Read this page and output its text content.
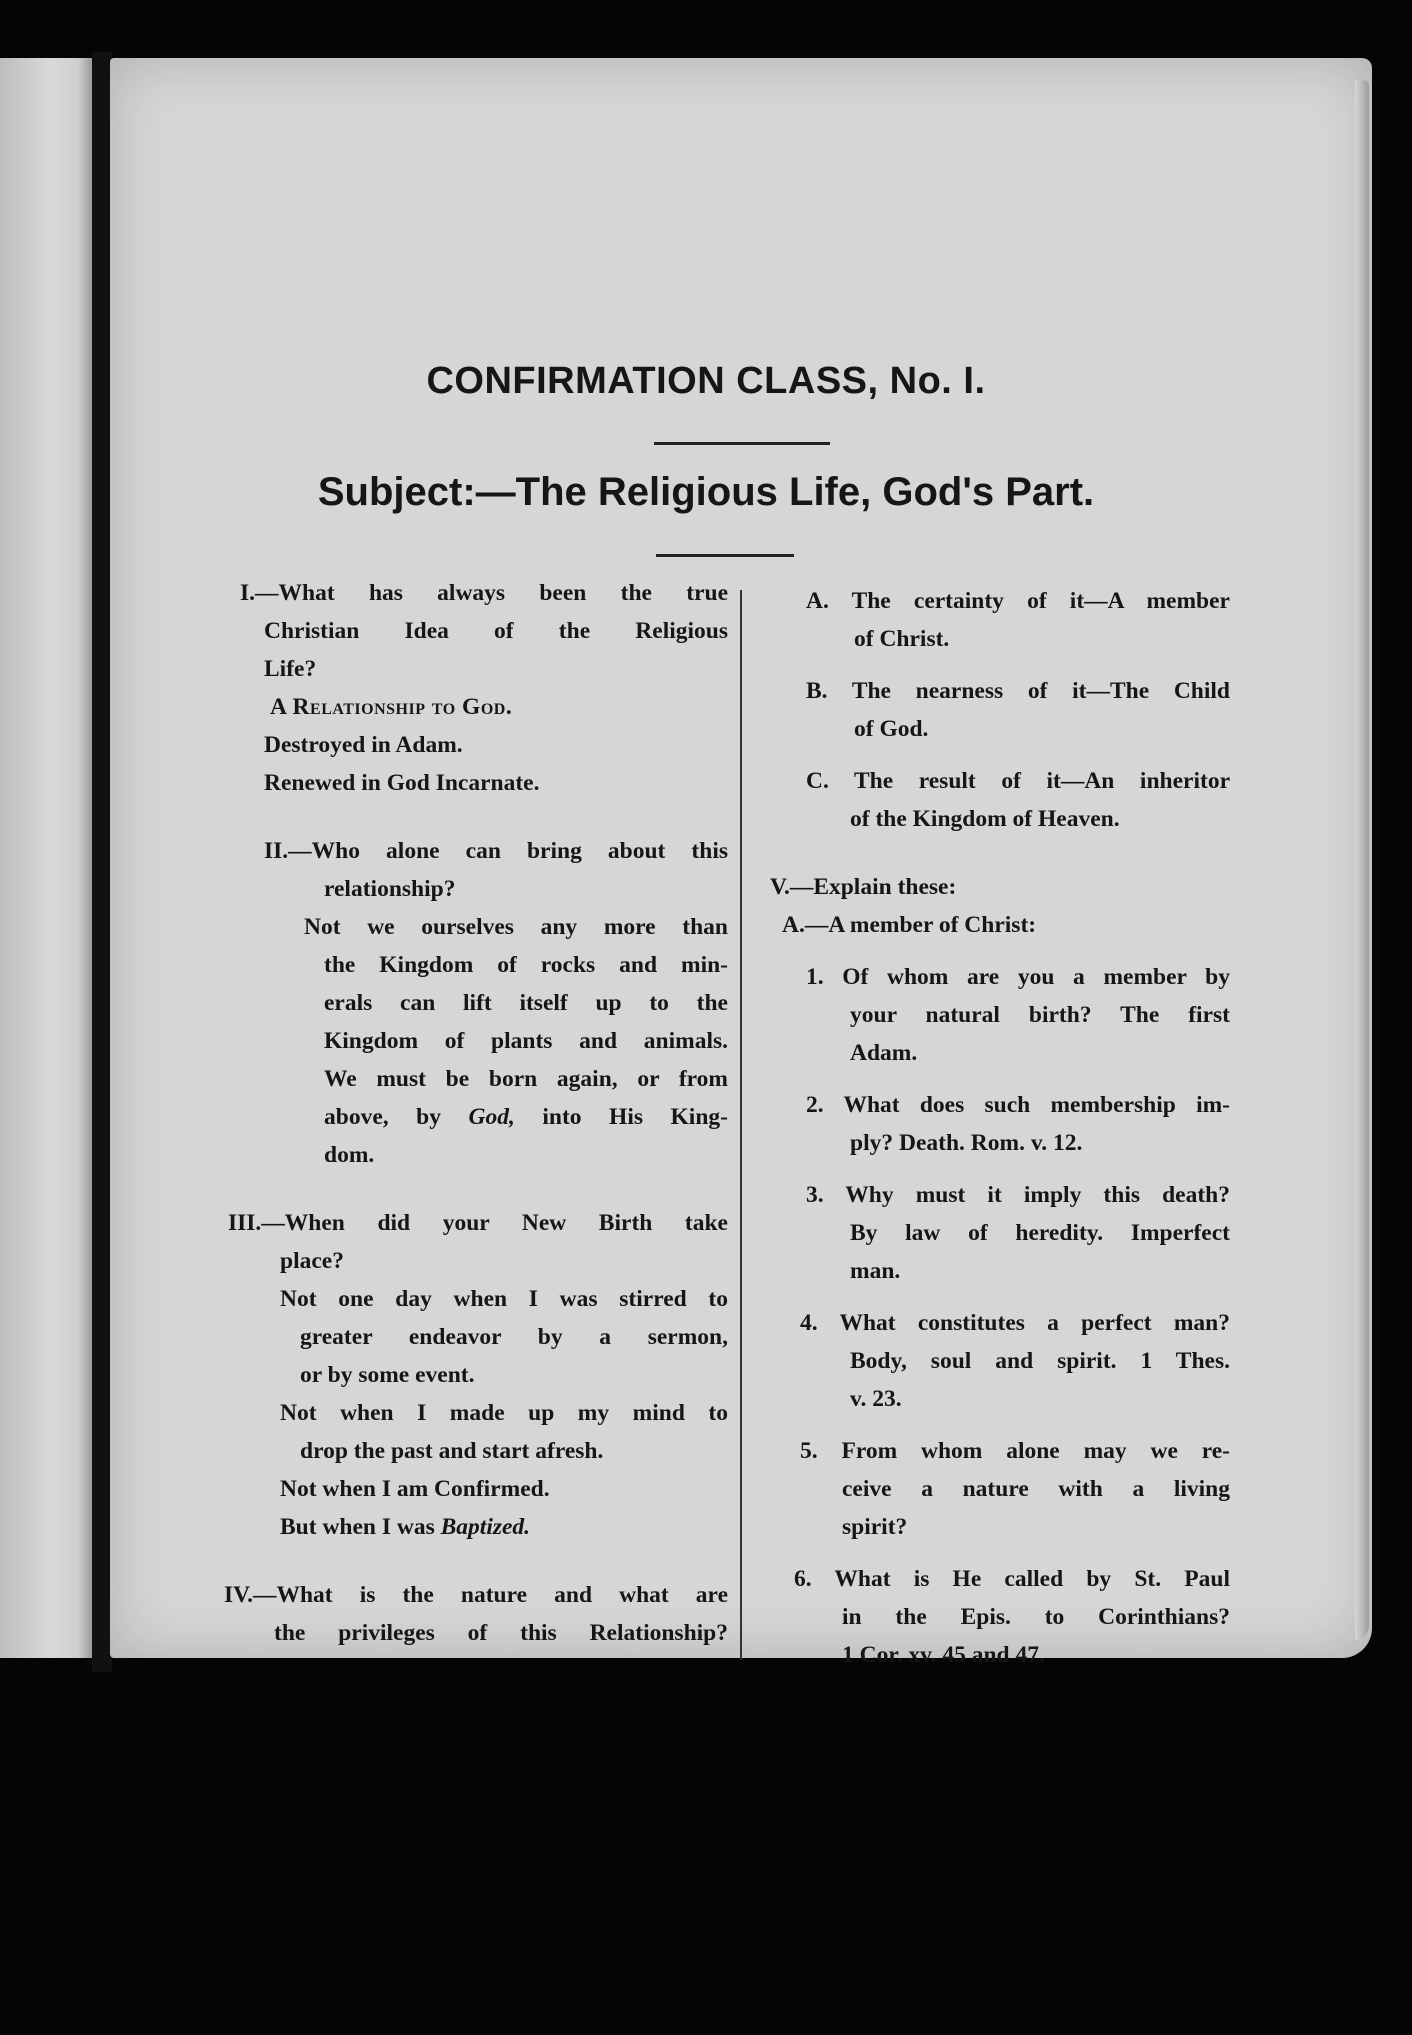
CONFIRMATION CLASS, No. I.
Subject:—The Religious Life, God's Part.
I.—What has always been the true
Christian Idea of the Religious
Life?
A Relationship to God.
Destroyed in Adam.
Renewed in God Incarnate.
II.—Who alone can bring about this
relationship?
Not we ourselves any more than
the Kingdom of rocks and min-
erals can lift itself up to the
Kingdom of plants and animals.
We must be born again, or from
above, by God, into His King-
dom.
III.—When did your New Birth take
place?
Not one day when I was stirred to
greater endeavor by a sermon,
or by some event.
Not when I made up my mind to
drop the past and start afresh.
Not when I am Confirmed.
But when I was Baptized.
IV.—What is the nature and what are
the privileges of this Relationship?
A. The certainty of it—A member
of Christ.
B. The nearness of it—The Child
of God.
C. The result of it—An inheritor
of the Kingdom of Heaven.
V.—Explain these:
A.—A member of Christ:
1. Of whom are you a member by
your natural birth? The first
Adam.
2. What does such membership im-
ply? Death. Rom. v. 12.
3. Why must it imply this death?
By law of heredity. Imperfect
man.
4. What constitutes a perfect man?
Body, soul and spirit. 1 Thes.
v. 23.
5. From whom alone may we re-
ceive a nature with a living
spirit?
6. What is He called by St. Paul
in the Epis. to Corinthians?
1 Cor. xv. 45 and 47.
